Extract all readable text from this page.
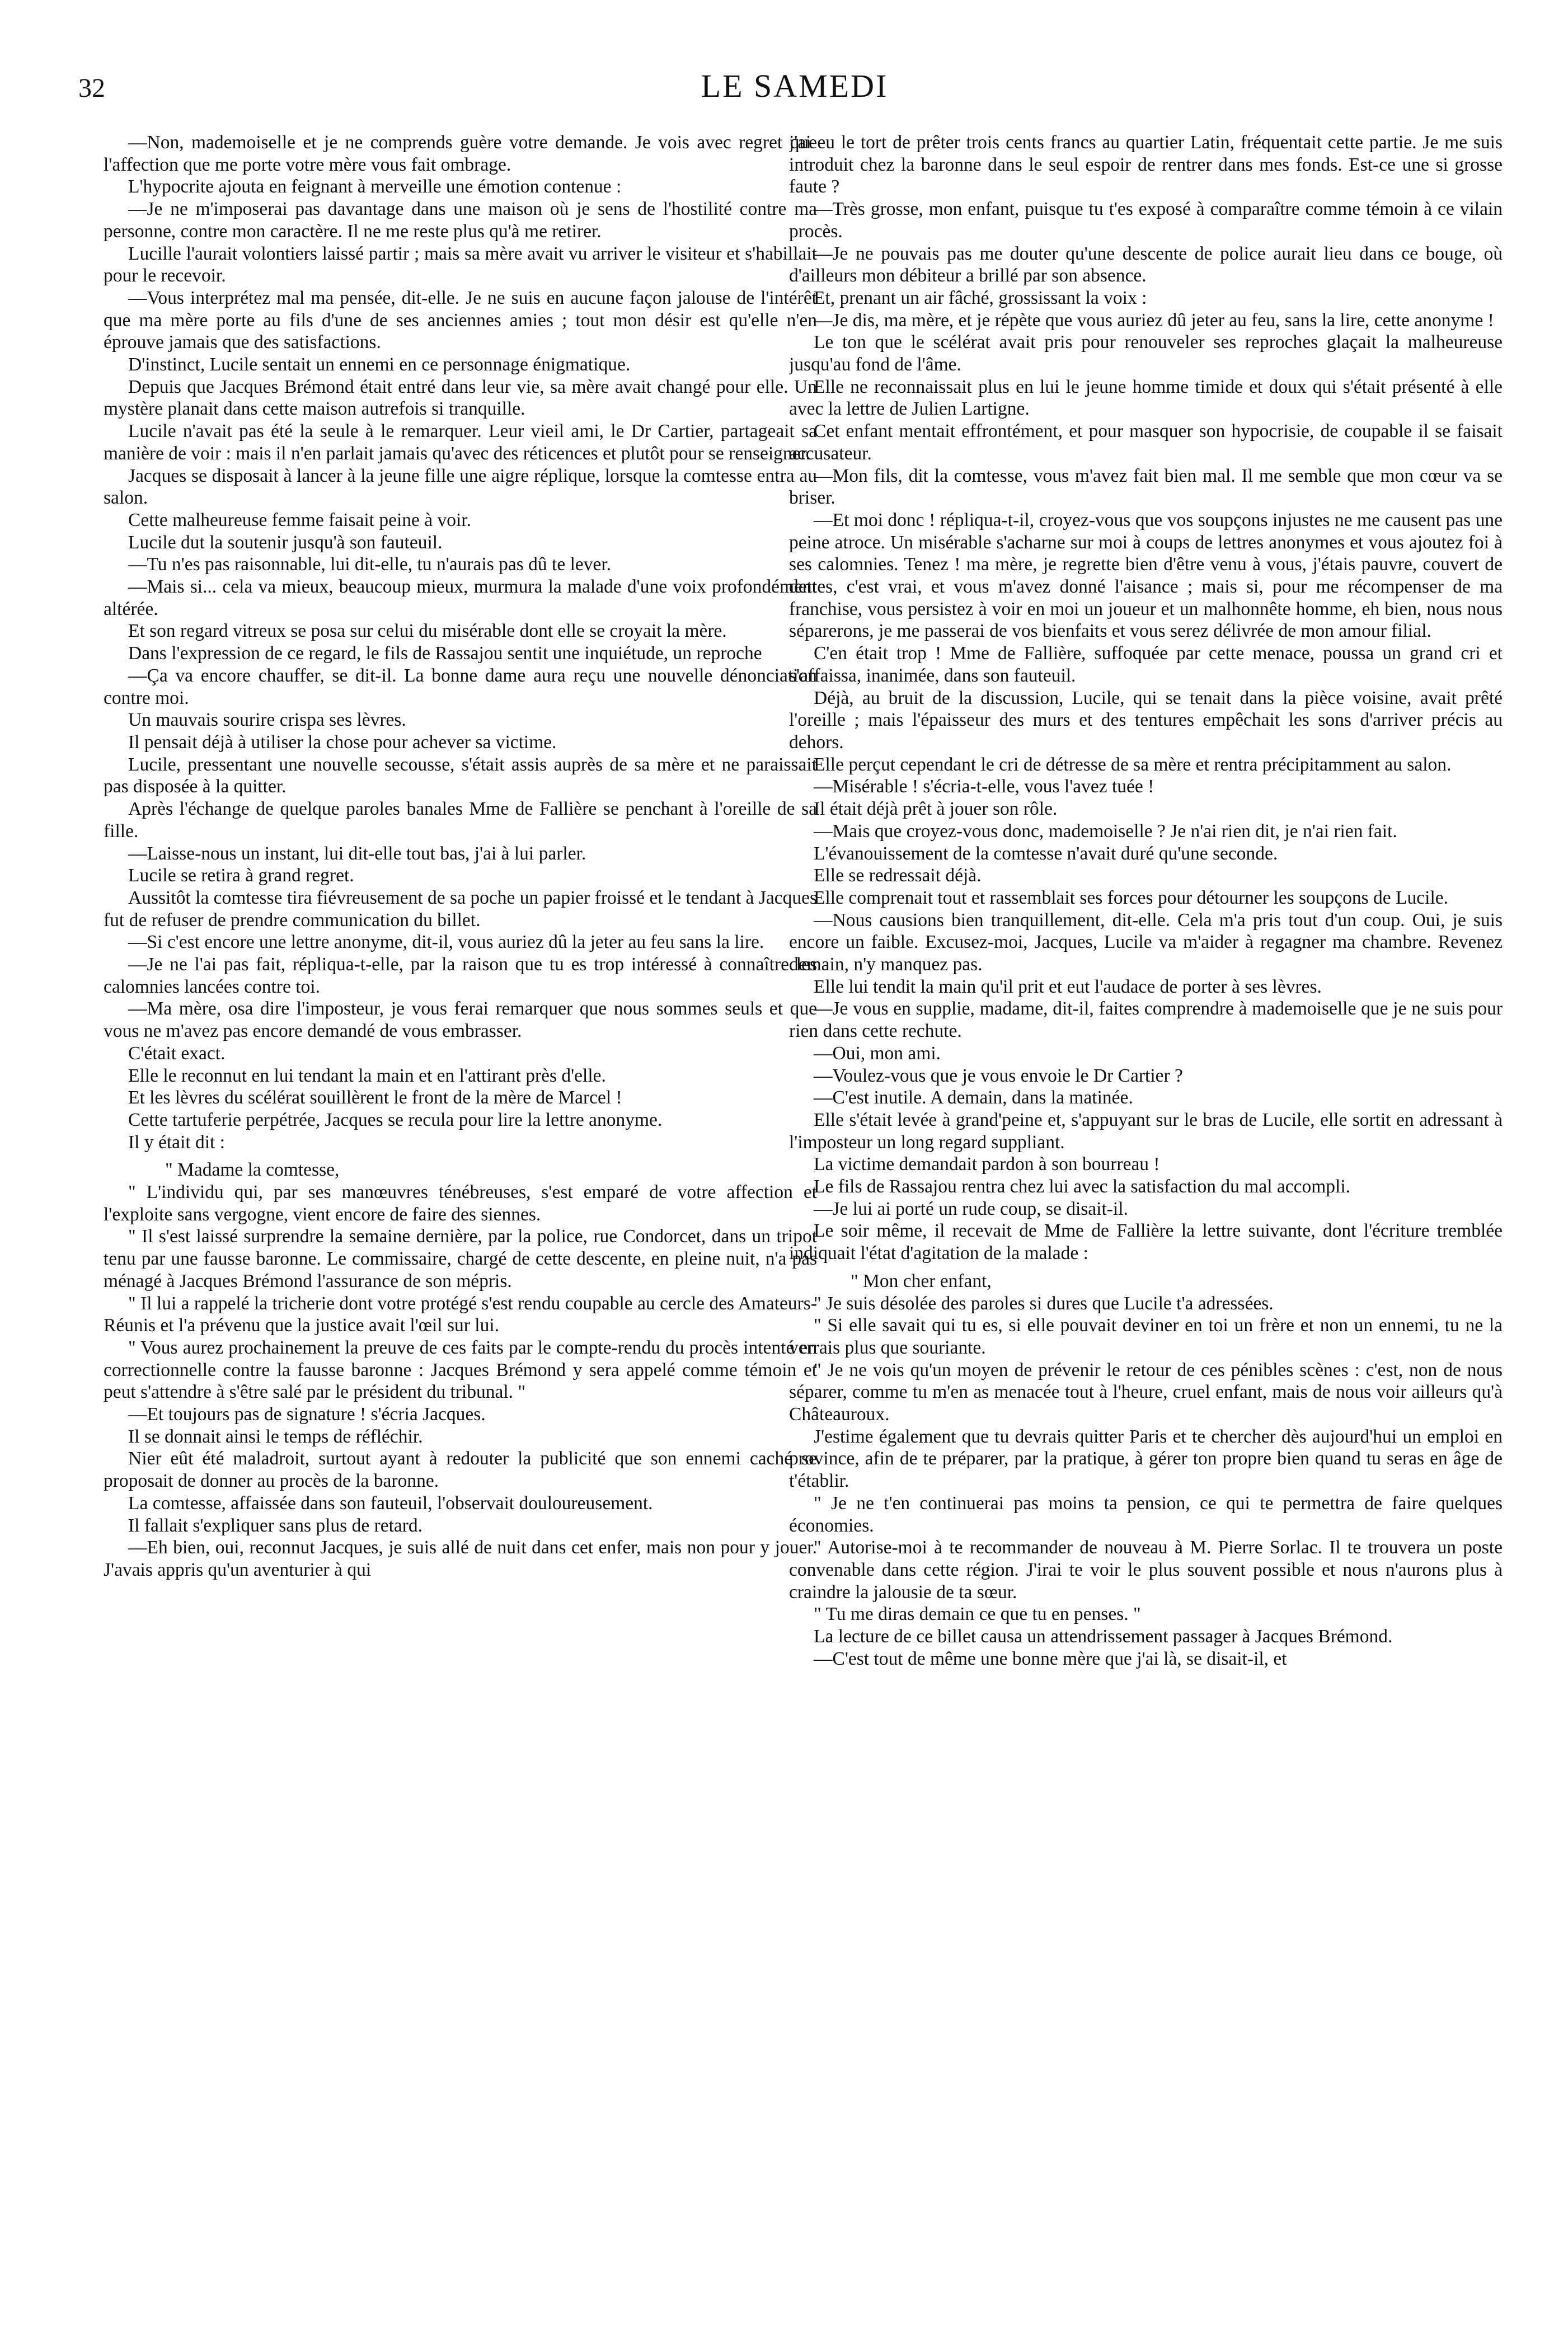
32	LE SAMEDI

—Non, mademoiselle et je ne comprends guère votre demande. Je vois avec regret que l'affection que me porte votre mère vous fait ombrage.

L'hypocrite ajouta en feignant à merveille une émotion contenue :

—Je ne m'imposerai pas davantage dans une maison où je sens de l'hostilité contre ma personne, contre mon caractère. Il ne me reste plus qu'à me retirer.

Lucille l'aurait volontiers laissé partir ; mais sa mère avait vu arriver le visiteur et s'habillait pour le recevoir.

—Vous interprétez mal ma pensée, dit-elle. Je ne suis en aucune façon jalouse de l'intérêt que ma mère porte au fils d'une de ses anciennes amies ; tout mon désir est qu'elle n'en éprouve jamais que des satisfactions.

D'instinct, Lucile sentait un ennemi en ce personnage énigmatique.

Depuis que Jacques Brémond était entré dans leur vie, sa mère avait changé pour elle. Un mystère planait dans cette maison autrefois si tranquille.

Lucile n'avait pas été la seule à le remarquer. Leur vieil ami, le Dr Cartier, partageait sa manière de voir : mais il n'en parlait jamais qu'avec des réticences et plutôt pour se renseigner.

Jacques se disposait à lancer à la jeune fille une aigre réplique, lorsque la comtesse entra au salon.

Cette malheureuse femme faisait peine à voir.

Lucile dut la soutenir jusqu'à son fauteuil.

—Tu n'es pas raisonnable, lui dit-elle, tu n'aurais pas dû te lever.

—Mais si... cela va mieux, beaucoup mieux, murmura la malade d'une voix profondément altérée.

Et son regard vitreux se posa sur celui du misérable dont elle se croyait la mère.

Dans l'expression de ce regard, le fils de Rassajou sentit une inquiétude, un reproche

—Ça va encore chauffer, se dit-il. La bonne dame aura reçu une nouvelle dénonciation contre moi.

Un mauvais sourire crispa ses lèvres.

Il pensait déjà à utiliser la chose pour achever sa victime.

Lucile, pressentant une nouvelle secousse, s'était assis auprès de sa mère et ne paraissait pas disposée à la quitter.

Après l'échange de quelque paroles banales Mme de Fallière se penchant à l'oreille de sa fille.

—Laisse-nous un instant, lui dit-elle tout bas, j'ai à lui parler.

Lucile se retira à grand regret.

Aussitôt la comtesse tira fiévreusement de sa poche un papier froissé et le tendant à Jacques fut de refuser de prendre communication du billet.

—Si c'est encore une lettre anonyme, dit-il, vous auriez dû la jeter au feu sans la lire.

—Je ne l'ai pas fait, répliqua-t-elle, par la raison que tu es trop intéressé à connaître les calomnies lancées contre toi.

—Ma mère, osa dire l'imposteur, je vous ferai remarquer que nous sommes seuls et que vous ne m'avez pas encore demandé de vous embrasser.

C'était exact.

Elle le reconnut en lui tendant la main et en l'attirant près d'elle.

Et les lèvres du scélérat souillèrent le front de la mère de Marcel !

Cette tartuferie perpétrée, Jacques se recula pour lire la lettre anonyme.

Il y était dit :

" Madame la comtesse,

" L'individu qui, par ses manœuvres ténébreuses, s'est emparé de votre affection et l'exploite sans vergogne, vient encore de faire des siennes.

" Il s'est laissé surprendre la semaine dernière, par la police, rue Condorcet, dans un tripot tenu par une fausse baronne. Le commissaire, chargé de cette descente, en pleine nuit, n'a pas ménagé à Jacques Brémond l'assurance de son mépris.

" Il lui a rappelé la tricherie dont votre protégé s'est rendu coupable au cercle des Amateurs-Réunis et l'a prévenu que la justice avait l'œil sur lui.

" Vous aurez prochainement la preuve de ces faits par le compte-rendu du procès intenté en correctionnelle contre la fausse baronne : Jacques Brémond y sera appelé comme témoin et peut s'attendre à s'être salé par le président du tribunal. "

—Et toujours pas de signature ! s'écria Jacques.

Il se donnait ainsi le temps de réfléchir.

Nier eût été maladroit, surtout ayant à redouter la publicité que son ennemi caché se proposait de donner au procès de la baronne.

La comtesse, affaissée dans son fauteuil, l'observait douloureusement.

Il fallait s'expliquer sans plus de retard.

—Eh bien, oui, reconnut Jacques, je suis allé de nuit dans cet enfer, mais non pour y jouer. J'avais appris qu'un aventurier à qui

j'ai eu le tort de prêter trois cents francs au quartier Latin, fréquentait cette partie. Je me suis introduit chez la baronne dans le seul espoir de rentrer dans mes fonds. Est-ce une si grosse faute ?

—Très grosse, mon enfant, puisque tu t'es exposé à comparaître comme témoin à ce vilain procès.

—Je ne pouvais pas me douter qu'une descente de police aurait lieu dans ce bouge, où d'ailleurs mon débiteur a brillé par son absence.

Et, prenant un air fâché, grossissant la voix :

—Je dis, ma mère, et je répète que vous auriez dû jeter au feu, sans la lire, cette anonyme !

Le ton que le scélérat avait pris pour renouveler ses reproches glaçait la malheureuse jusqu'au fond de l'âme.

Elle ne reconnaissait plus en lui le jeune homme timide et doux qui s'était présenté à elle avec la lettre de Julien Lartigne.

Cet enfant mentait effrontément, et pour masquer son hypocrisie, de coupable il se faisait accusateur.

—Mon fils, dit la comtesse, vous m'avez fait bien mal. Il me semble que mon cœur va se briser.

—Et moi donc ! répliqua-t-il, croyez-vous que vos soupçons injustes ne me causent pas une peine atroce. Un misérable s'acharne sur moi à coups de lettres anonymes et vous ajoutez foi à ses calomnies. Tenez ! ma mère, je regrette bien d'être venu à vous, j'étais pauvre, couvert de dettes, c'est vrai, et vous m'avez donné l'aisance ; mais si, pour me récompenser de ma franchise, vous persistez à voir en moi un joueur et un malhonnête homme, eh bien, nous nous séparerons, je me passerai de vos bienfaits et vous serez délivrée de mon amour filial.

C'en était trop ! Mme de Fallière, suffoquée par cette menace, poussa un grand cri et s'affaissa, inanimée, dans son fauteuil.

Déjà, au bruit de la discussion, Lucile, qui se tenait dans la pièce voisine, avait prêté l'oreille ; mais l'épaisseur des murs et des tentures empêchait les sons d'arriver précis au dehors.

Elle perçut cependant le cri de détresse de sa mère et rentra précipitamment au salon.

—Misérable ! s'écria-t-elle, vous l'avez tuée !

Il était déjà prêt à jouer son rôle.

—Mais que croyez-vous donc, mademoiselle ? Je n'ai rien dit, je n'ai rien fait.

L'évanouissement de la comtesse n'avait duré qu'une seconde.

Elle se redressait déjà.

Elle comprenait tout et rassemblait ses forces pour détourner les soupçons de Lucile.

—Nous causions bien tranquillement, dit-elle. Cela m'a pris tout d'un coup. Oui, je suis encore un faible. Excusez-moi, Jacques, Lucile va m'aider à regagner ma chambre. Revenez demain, n'y manquez pas.

Elle lui tendit la main qu'il prit et eut l'audace de porter à ses lèvres.

—Je vous en supplie, madame, dit-il, faites comprendre à mademoiselle que je ne suis pour rien dans cette rechute.

—Oui, mon ami.

—Voulez-vous que je vous envoie le Dr Cartier ?

—C'est inutile. A demain, dans la matinée.

Elle s'était levée à grand'peine et, s'appuyant sur le bras de Lucile, elle sortit en adressant à l'imposteur un long regard suppliant.

La victime demandait pardon à son bourreau !

Le fils de Rassajou rentra chez lui avec la satisfaction du mal accompli.

—Je lui ai porté un rude coup, se disait-il.

Le soir même, il recevait de Mme de Fallière la lettre suivante, dont l'écriture tremblée indiquait l'état d'agitation de la malade :

" Mon cher enfant,

" Je suis désolée des paroles si dures que Lucile t'a adressées.

" Si elle savait qui tu es, si elle pouvait deviner en toi un frère et non un ennemi, tu ne la verrais plus que souriante.

" Je ne vois qu'un moyen de prévenir le retour de ces pénibles scènes : c'est, non de nous séparer, comme tu m'en as menacée tout à l'heure, cruel enfant, mais de nous voir ailleurs qu'à Châteauroux.

J'estime également que tu devrais quitter Paris et te chercher dès aujourd'hui un emploi en province, afin de te préparer, par la pratique, à gérer ton propre bien quand tu seras en âge de t'établir.

" Je ne t'en continuerai pas moins ta pension, ce qui te permettra de faire quelques économies.

" Autorise-moi à te recommander de nouveau à M. Pierre Sorlac. Il te trouvera un poste convenable dans cette région. J'irai te voir le plus souvent possible et nous n'aurons plus à craindre la jalousie de ta sœur.

" Tu me diras demain ce que tu en penses. "

La lecture de ce billet causa un attendrissement passager à Jacques Brémond.

—C'est tout de même une bonne mère que j'ai là, se disait-il, et
